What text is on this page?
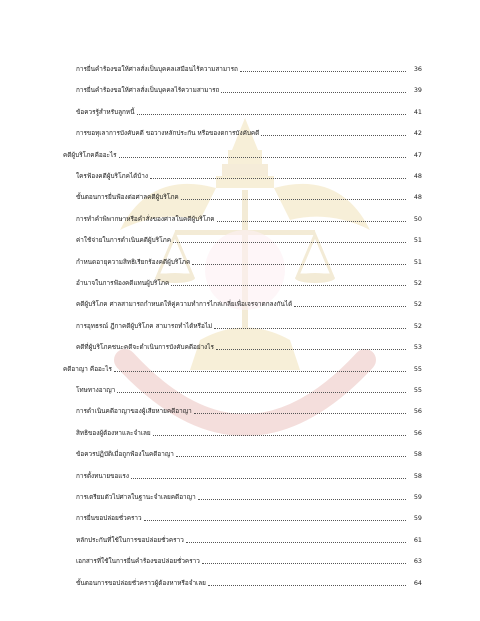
การยื่นคำร้องขอให้ศาลสั่งเป็นบุคคลเสมือนไร้ความสามารถ	36
การยื่นคำร้องขอให้ศาลสั่งเป็นบุคคลไร้ความสามารถ	39
ข้อควรรู้สำหรับลูกหนี้	41
การขอทุเลาการบังคับคดี ขอวางหลักประกัน หรือของดการบังคับคดี	42
คดีผู้บริโภคคืออะไร	47
ใครฟ้องคดีผู้บริโภคได้บ้าง	48
ขั้นตอนการยื่นฟ้องต่อศาลคดีผู้บริโภค	48
การทำคำพิพากษาหรือคำสั่งของศาลในคดีผู้บริโภค	50
ค่าใช้จ่ายในการดำเนินคดีผู้บริโภค	51
กำหนดอายุความสิทธิเรียกร้องคดีผู้บริโภค	51
อำนาจในการฟ้องคดีแทนผู้บริโภค	52
คดีผู้บริโภค ศาลสามารถกำหนดให้คู่ความทำการไกล่เกลี่ยเพื่อเจรจาตกลงกันได้	52
การอุทธรณ์ ฎีกาคดีผู้บริโภค สามารถทำได้หรือไม่	52
คดีที่ผู้บริโภคชนะคดีจะดำเนินการบังคับคดีอย่างไร	53
คดีอาญา คืออะไร	55
โทษทางอาญา	55
การดำเนินคดีอาญาของผู้เสียหายคดีอาญา	56
สิทธิของผู้ต้องหาและจำเลย	56
ข้อควรปฏิบัติเมื่อถูกฟ้องในคดีอาญา	58
การตั้งทนายขอแรง	58
การเตรียมตัวไปศาลในฐานะจำเลยคดีอาญา	59
การยื่นขอปล่อยชั่วคราว	59
หลักประกันที่ใช้ในการขอปล่อยชั่วคราว	61
เอกสารที่ใช้ในการยื่นคำร้องขอปล่อยชั่วคราว	63
ขั้นตอนการขอปล่อยชั่วคราวผู้ต้องหาหรือจำเลย	64
